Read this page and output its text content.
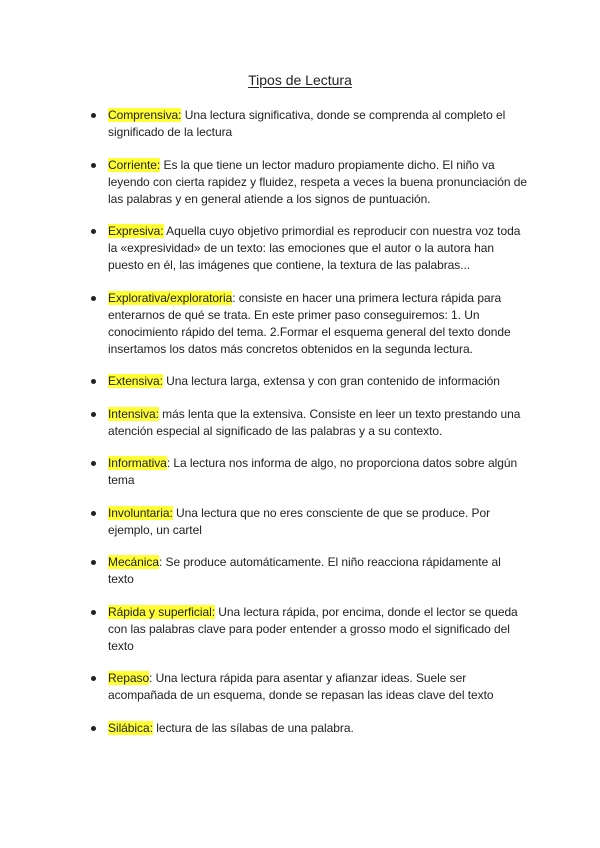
Tipos de Lectura
Comprensiva: Una lectura significativa, donde se comprenda al completo el significado de la lectura
Corriente: Es la que tiene un lector maduro propiamente dicho. El niño va leyendo con cierta rapidez y fluidez, respeta a veces la buena pronunciación de las palabras y en general atiende a los signos de puntuación.
Expresiva: Aquella cuyo objetivo primordial es reproducir con nuestra voz toda la «expresividad» de un texto: las emociones que el autor o la autora han puesto en él, las imágenes que contiene, la textura de las palabras...
Explorativa/exploratoria: consiste en hacer una primera lectura rápida para enterarnos de qué se trata. En este primer paso conseguiremos: 1. Un conocimiento rápido del tema. 2.Formar el esquema general del texto donde insertamos los datos más concretos obtenidos en la segunda lectura.
Extensiva: Una lectura larga, extensa y con gran contenido de información
Intensiva: más lenta que la extensiva. Consiste en leer un texto prestando una atención especial al significado de las palabras y a su contexto.
Informativa: La lectura nos informa de algo, no proporciona datos sobre algún tema
Involuntaria: Una lectura que no eres consciente de que se produce. Por ejemplo, un cartel
Mecánica: Se produce automáticamente. El niño reacciona rápidamente al texto
Rápida y superficial: Una lectura rápida, por encima, donde el lector se queda con las palabras clave para poder entender a grosso modo el significado del texto
Repaso: Una lectura rápida para asentar y afianzar ideas. Suele ser acompañada de un esquema, donde se repasan las ideas clave del texto
Silábica: lectura de las sílabas de una palabra.
